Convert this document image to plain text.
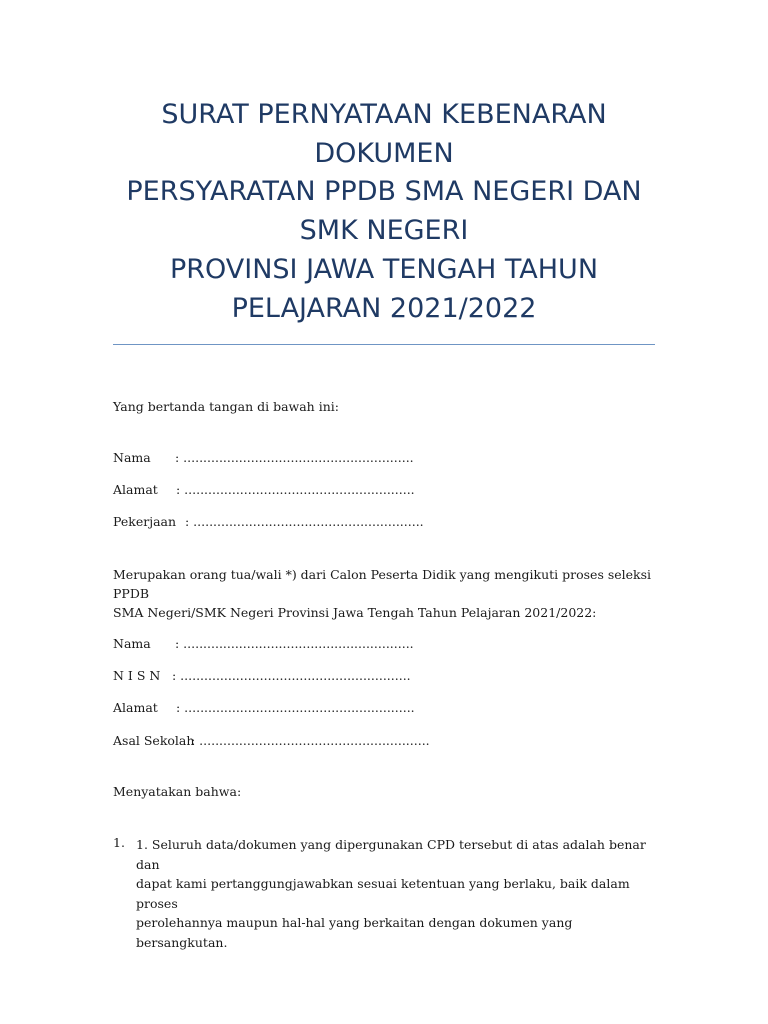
SURAT PERNYATAAN KEBENARAN
DOKUMEN
PERSYARATAN PPDB SMA NEGERI DAN
SMK NEGERI
PROVINSI JAWA TENGAH TAHUN
PELAJARAN 2021/2022
Yang bertanda tangan di bawah ini:
Nama : ..........................................................
Alamat : ..........................................................
Pekerjaan : ..........................................................
Merupakan orang tua/wali *) dari Calon Peserta Didik yang mengikuti proses seleksi PPDB
SMA Negeri/SMK Negeri Provinsi Jawa Tengah Tahun Pelajaran 2021/2022:
Nama : ..........................................................
N I S N : ..........................................................
Alamat : ..........................................................
Asal Sekolah
: ..........................................................
Menyatakan bahwa:
1. 1. Seluruh data/dokumen yang dipergunakan CPD tersebut di atas adalah benar dan
dapat kami pertanggungjawabkan sesuai ketentuan yang berlaku, baik dalam proses
perolehannya maupun hal-hal yang berkaitan dengan dokumen yang bersangkutan.
